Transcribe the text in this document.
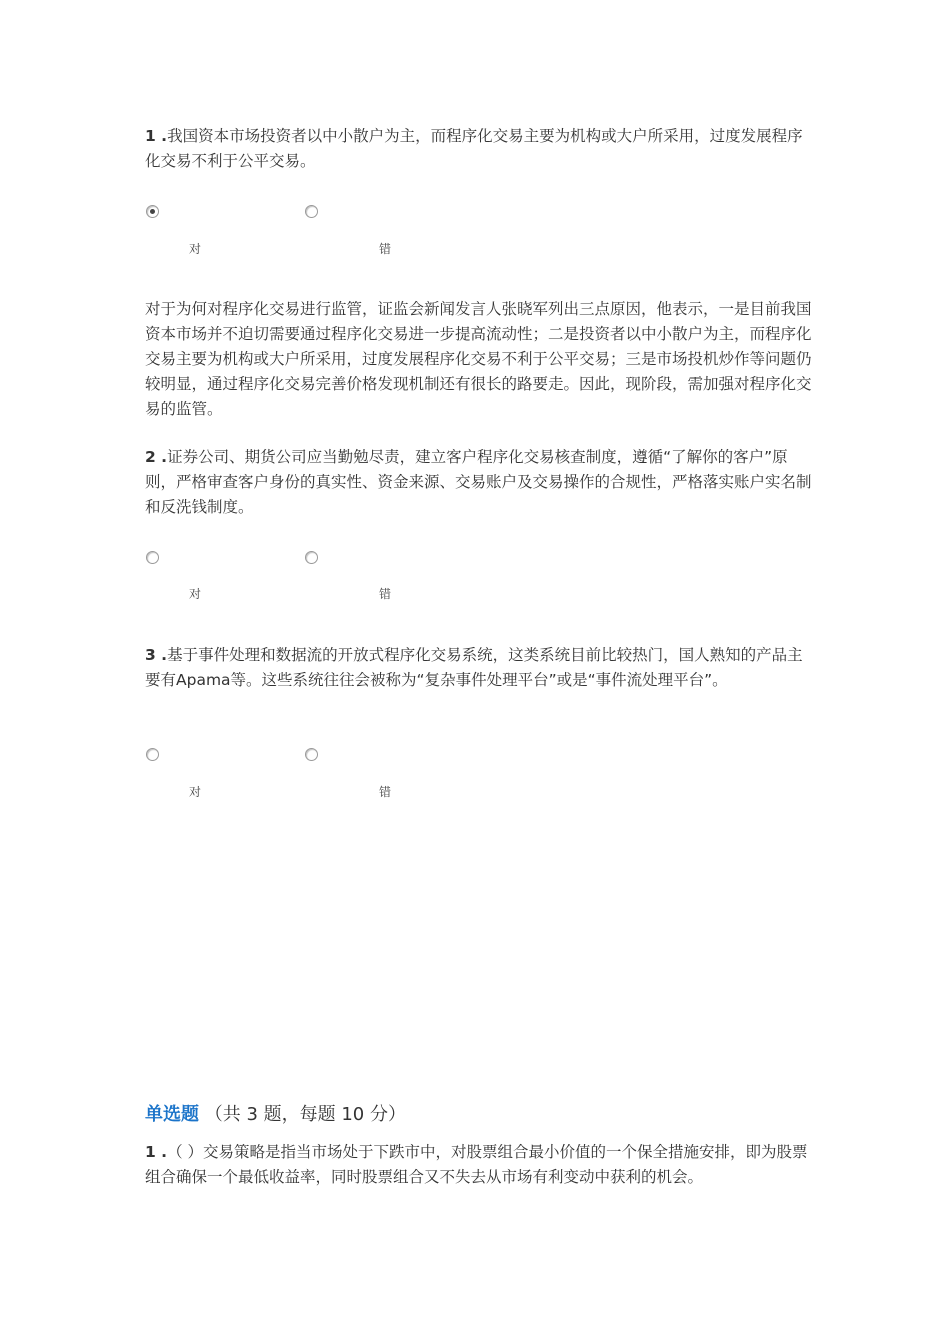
1 .我国资本市场投资者以中小散户为主，而程序化交易主要为机构或大户所采用，过度发展程序化交易不利于公平交易。

对	错

对于为何对程序化交易进行监管，证监会新闻发言人张晓军列出三点原因，他表示，一是目前我国资本市场并不迫切需要通过程序化交易进一步提高流动性；二是投资者以中小散户为主，而程序化交易主要为机构或大户所采用，过度发展程序化交易不利于公平交易；三是市场投机炒作等问题仍较明显，通过程序化交易完善价格发现机制还有很长的路要走。因此，现阶段，需加强对程序化交易的监管。

2 .证券公司、期货公司应当勤勉尽责，建立客户程序化交易核查制度，遵循“了解你的客户”原则，严格审查客户身份的真实性、资金来源、交易账户及交易操作的合规性，严格落实账户实名制和反洗钱制度。

对	错

3 .基于事件处理和数据流的开放式程序化交易系统，这类系统目前比较热门，国人熟知的产品主要有Apama等。这些系统往往会被称为“复杂事件处理平台”或是“事件流处理平台”。

对	错
单选题 （共 3 题，每题 10 分）

1 .（ ）交易策略是指当市场处于下跌市中，对股票组合最小价值的一个保全措施安排，即为股票组合确保一个最低收益率，同时股票组合又不失去从市场有利变动中获利的机会。
